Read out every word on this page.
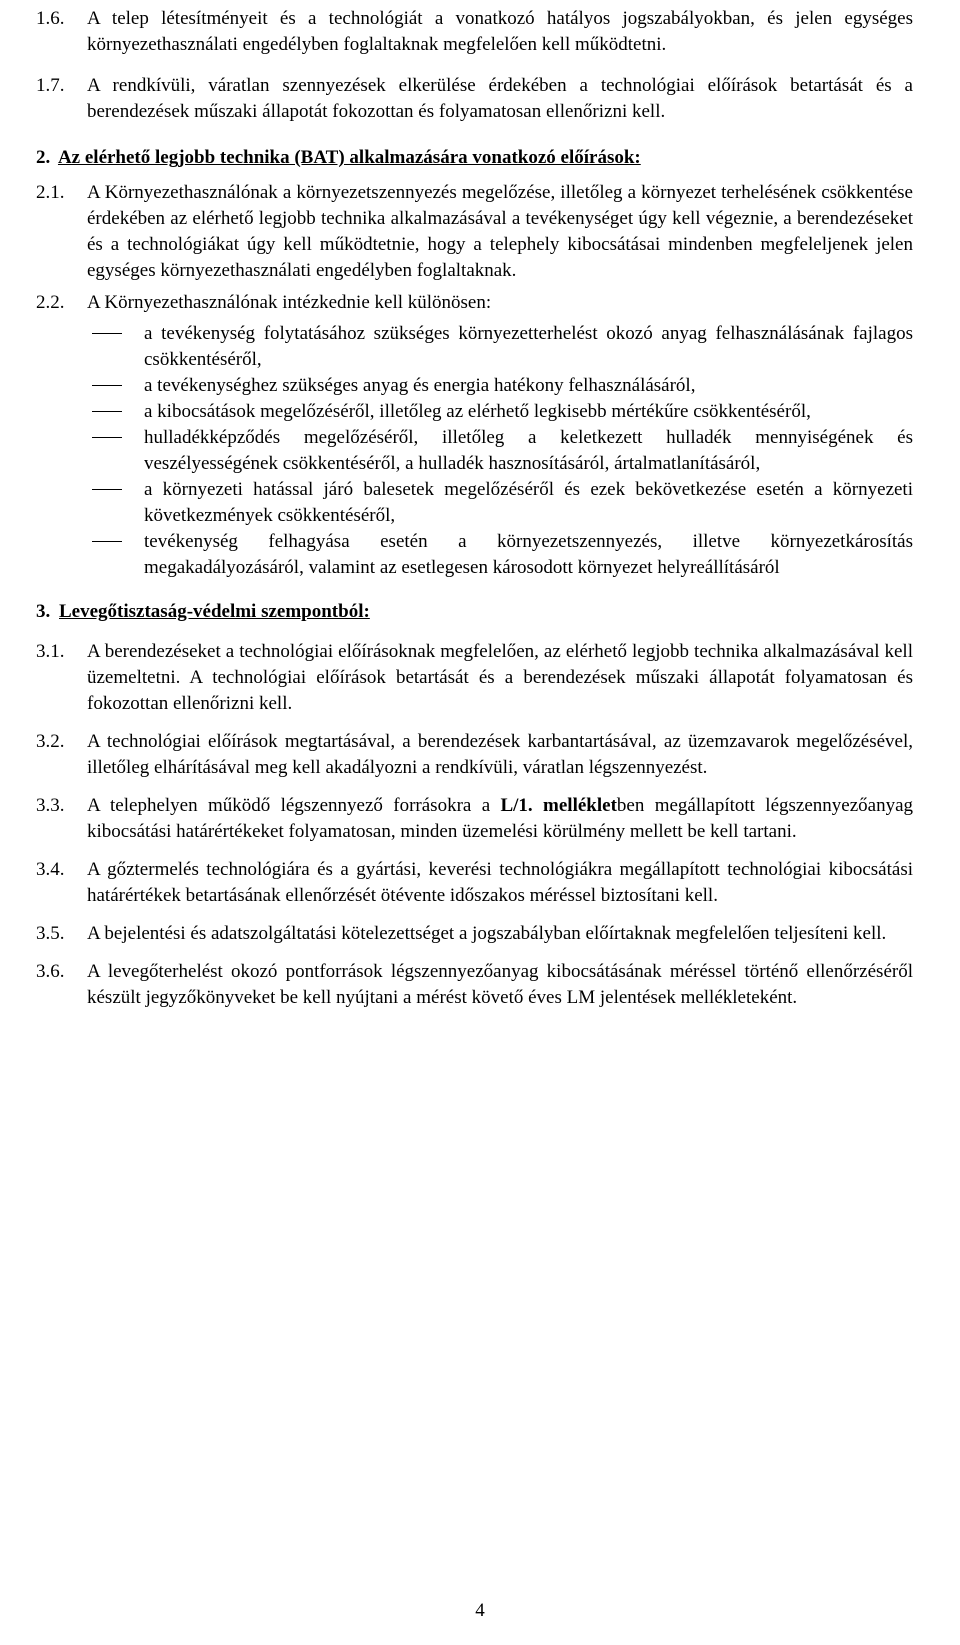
1.6. A telep létesítményeit és a technológiát a vonatkozó hatályos jogszabályokban, és jelen egységes környezethasználati engedélyben foglaltaknak megfelelően kell működtetni.
1.7. A rendkívüli, váratlan szennyezések elkerülése érdekében a technológiai előírások betartását és a berendezések műszaki állapotát fokozottan és folyamatosan ellenőrizni kell.
2. Az elérhető legjobb technika (BAT) alkalmazására vonatkozó előírások:
2.1. A Környezethasználónak a környezetszennyezés megelőzése, illetőleg a környezet terhelésének csökkentése érdekében az elérhető legjobb technika alkalmazásával a tevékenységet úgy kell végeznie, a berendezéseket és a technológiákat úgy kell működtetnie, hogy a telephely kibocsátásai mindenben megfeleljenek jelen egységes környezethasználati engedélyben foglaltaknak.
2.2. A Környezethasználónak intézkednie kell különösen:
a tevékenység folytatásához szükséges környezetterhelést okozó anyag felhasználásának fajlagos csökkentéséről,
a tevékenységhez szükséges anyag és energia hatékony felhasználásáról,
a kibocsátások megelőzéséről, illetőleg az elérhető legkisebb mértékűre csökkentéséről,
hulladékképződés megelőzéséről, illetőleg a keletkezett hulladék mennyiségének és veszélyességének csökkentéséről, a hulladék hasznosításáról, ártalmatlanításáról,
a környezeti hatással járó balesetek megelőzéséről és ezek bekövetkezése esetén a környezeti következmények csökkentéséről,
tevékenység felhagyása esetén a környezetszennyezés, illetve környezetkárosítás megakadályozásáról, valamint az esetlegesen károsodott környezet helyreállításáról
3. Levegőtisztaság-védelmi szempontból:
3.1. A berendezéseket a technológiai előírásoknak megfelelően, az elérhető legjobb technika alkalmazásával kell üzemeltetni. A technológiai előírások betartását és a berendezések műszaki állapotát folyamatosan és fokozottan ellenőrizni kell.
3.2. A technológiai előírások megtartásával, a berendezések karbantartásával, az üzemzavarok megelőzésével, illetőleg elhárításával meg kell akadályozni a rendkívüli, váratlan légszennyezést.
3.3. A telephelyen működő légszennyező forrásokra a L/1. mellékletben megállapított légszennyezőanyag kibocsátási határértékeket folyamatosan, minden üzemelési körülmény mellett be kell tartani.
3.4. A gőztermelés technológiára és a gyártási, keverési technológiákra megállapított technológiai kibocsátási határértékek betartásának ellenőrzését ötévente időszakos méréssel biztosítani kell.
3.5. A bejelentési és adatszolgáltatási kötelezettséget a jogszabályban előírtaknak megfelelően teljesíteni kell.
3.6. A levegőterhelést okozó pontforrások légszennyezőanyag kibocsátásának méréssel történő ellenőrzéséről készült jegyzőkönyveket be kell nyújtani a mérést követő éves LM jelentések mellékleteként.
4
